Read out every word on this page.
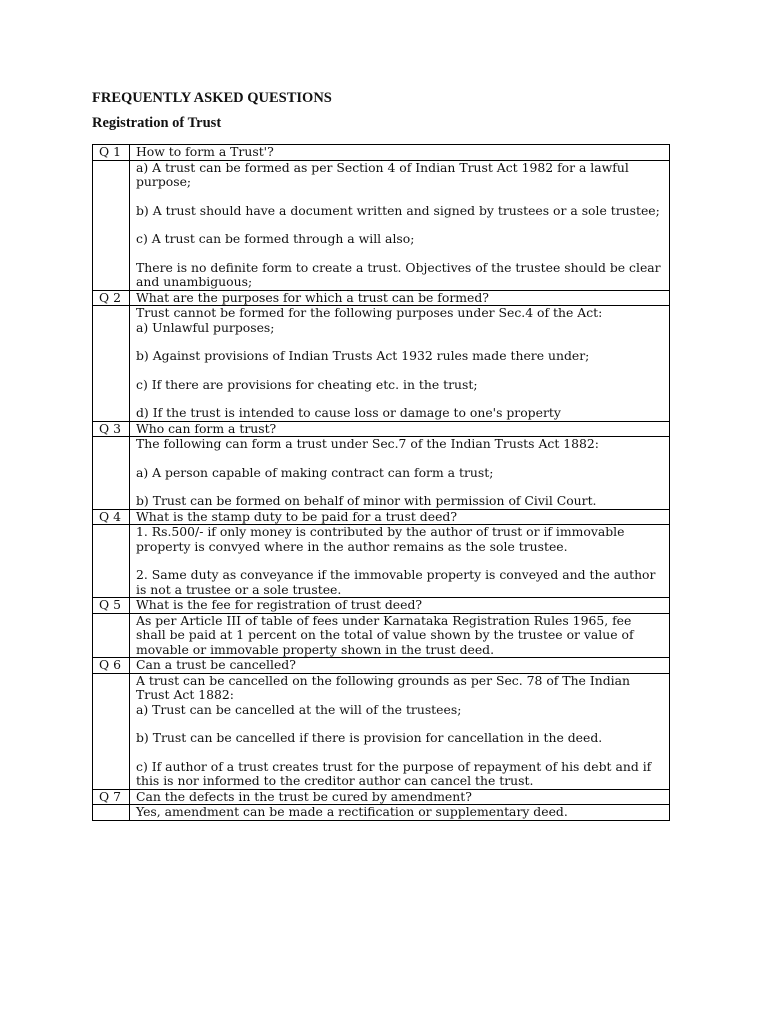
FREQUENTLY ASKED QUESTIONS
Registration of Trust
Q 1	How to form a Trust'?

	a) A trust can be formed as per Section 4 of Indian Trust Act 1982 for a lawful purpose;

b) A trust should have a document written and signed by trustees or a sole trustee;

c) A trust can be formed through a will also;

There is no definite form to create a trust. Objectives of the trustee should be clear and unambiguous;

Q 2	What are the purposes for which a trust can be formed?

	Trust cannot be formed for the following purposes under Sec.4 of the Act:

a) Unlawful purposes;

b) Against provisions of Indian Trusts Act 1932 rules made there under;

c) If there are provisions for cheating etc. in the trust;

d) If the trust is intended to cause loss or damage to one's property

Q 3	Who can form a trust?

	The following can form a trust under Sec.7 of the Indian Trusts Act 1882:

a) A person capable of making contract can form a trust;

b) Trust can be formed on behalf of minor with permission of Civil Court.

Q 4	What is the stamp duty to be paid for a trust deed?

	1. Rs.500/- if only money is contributed by the author of trust or if immovable property is convyed where in the author remains as the sole trustee.

2. Same duty as conveyance if the immovable property is conveyed and the author is not a trustee or a sole trustee.

Q 5	What is the fee for registration of trust deed?

	As per Article III of table of fees under Karnataka Registration Rules 1965, fee shall be paid at 1 percent on the total of value shown by the trustee or value of movable or immovable property shown in the trust deed.

Q 6	Can a trust be cancelled?

	A trust can be cancelled on the following grounds as per Sec. 78 of The Indian Trust Act 1882:

a) Trust can be cancelled at the will of the trustees;

b) Trust can be cancelled if there is provision for cancellation in the deed.

c) If author of a trust creates trust for the purpose of repayment of his debt and if this is nor informed to the creditor author can cancel the trust.

Q 7	Can the defects in the trust be cured by amendment?

	Yes, amendment can be made a rectification or supplementary deed.
